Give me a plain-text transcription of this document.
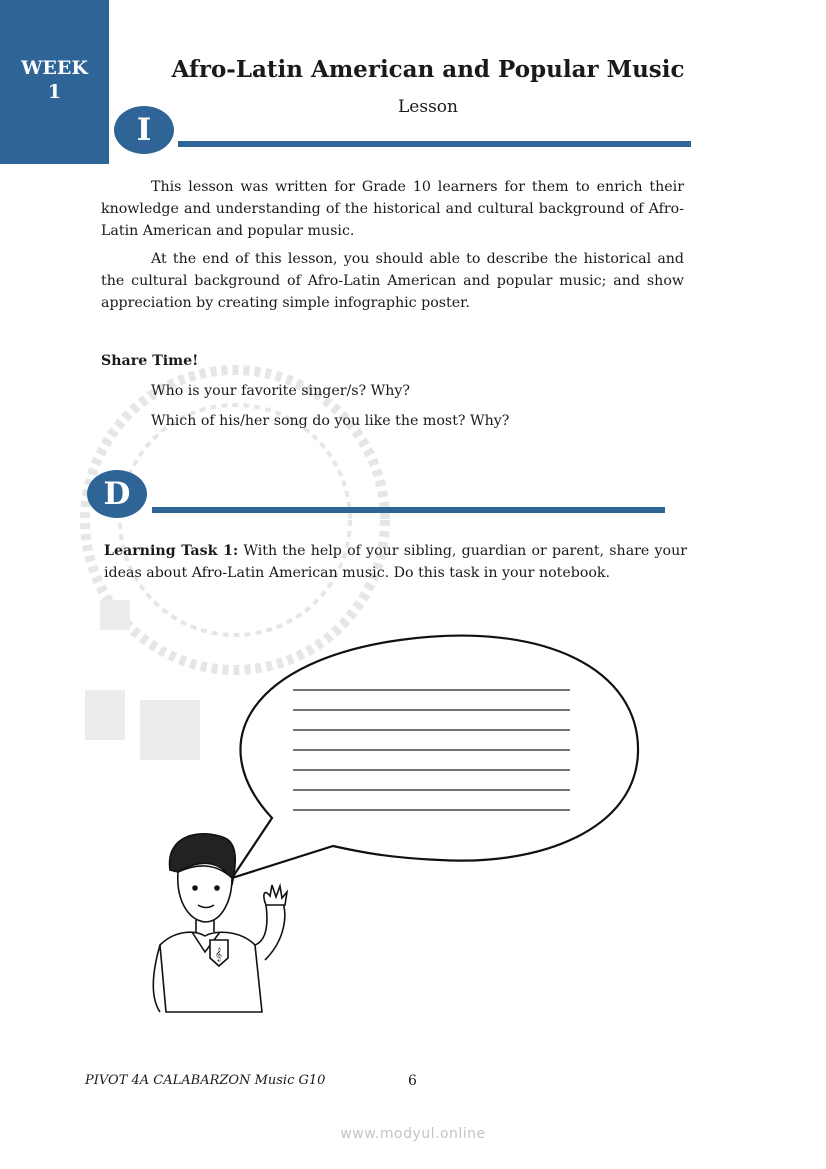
𝄞
WEEK
1
Afro-Latin American and Popular Music
Lesson
I
D

This lesson was written for Grade 10 learners for them to enrich their knowledge and understanding of the historical and cultural background of Afro-Latin American and popular music.

At the end of this lesson, you should able to describe the historical and the cultural background of Afro-Latin American and popular music; and show appreciation by creating simple infographic poster.

Share Time!
Who is your favorite singer/s? Why?
Which of his/her song do you like the most? Why?

Learning Task 1: With the help of your sibling, guardian or parent, share your ideas about Afro-Latin American music. Do this task in your notebook.

PIVOT 4A CALABARZON Music G10	6
www.modyul.online
